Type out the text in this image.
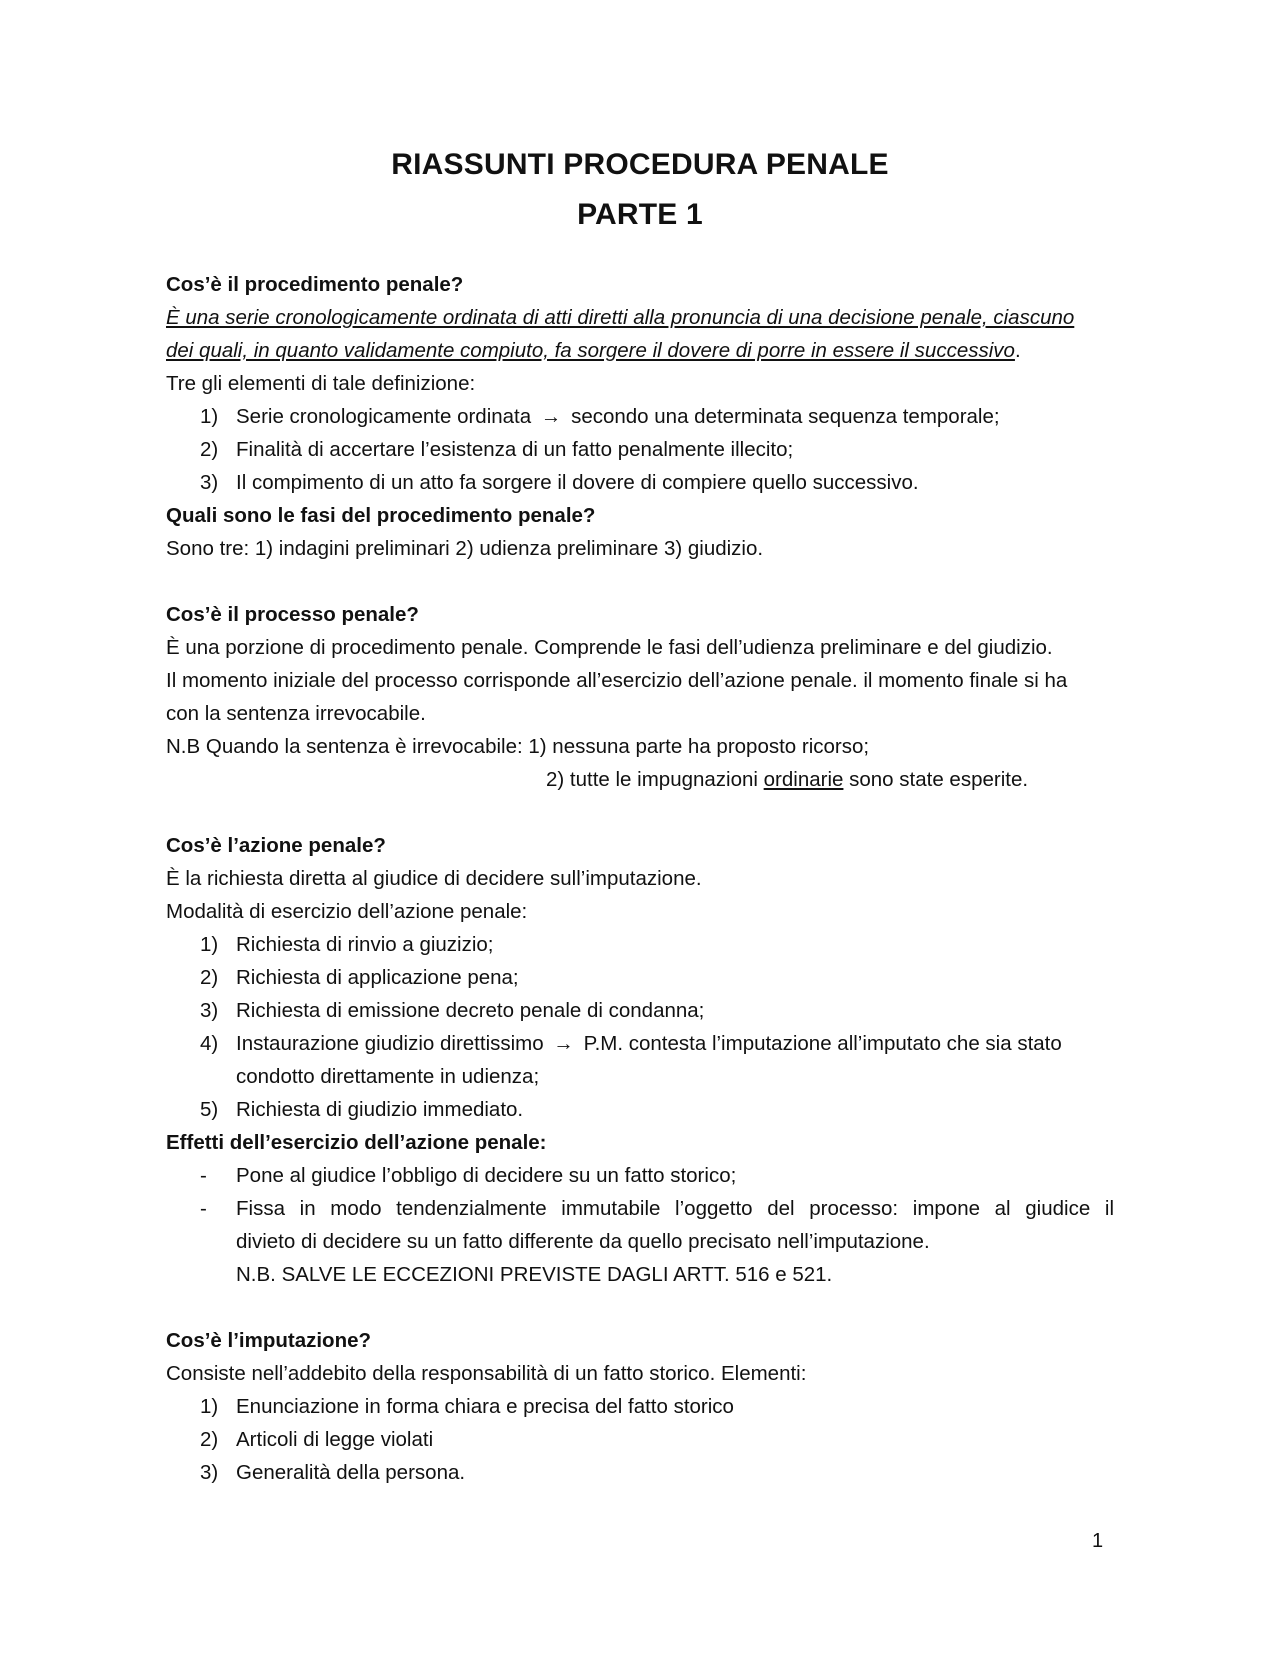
RIASSUNTI PROCEDURA PENALE
PARTE 1
Cos’è il procedimento penale?
È una serie cronologicamente ordinata di atti diretti alla pronuncia di una decisione penale, ciascuno
dei quali, in quanto validamente compiuto, fa sorgere il dovere di porre in essere il successivo.
Tre gli elementi di tale definizione:
1) Serie cronologicamente ordinata → secondo una determinata sequenza temporale;
2) Finalità di accertare l’esistenza di un fatto penalmente illecito;
3) Il compimento di un atto fa sorgere il dovere di compiere quello successivo.
Quali sono le fasi del procedimento penale?
Sono tre: 1) indagini preliminari 2) udienza preliminare 3) giudizio.
Cos’è il processo penale?
È una porzione di procedimento penale. Comprende le fasi dell’udienza preliminare e del giudizio.
Il momento iniziale del processo corrisponde all’esercizio dell’azione penale. il momento finale si ha
con la sentenza irrevocabile.
N.B Quando la sentenza è irrevocabile: 1) nessuna parte ha proposto ricorso;
2) tutte le impugnazioni ordinarie sono state esperite.
Cos’è l’azione penale?
È la richiesta diretta al giudice di decidere sull’imputazione.
Modalità di esercizio dell’azione penale:
1) Richiesta di rinvio a giuzizio;
2) Richiesta di applicazione pena;
3) Richiesta di emissione decreto penale di condanna;
4) Instaurazione giudizio direttissimo → P.M. contesta l’imputazione all’imputato che sia stato
condotto direttamente in udienza;
5) Richiesta di giudizio immediato.
Effetti dell’esercizio dell’azione penale:
-	Pone al giudice l’obbligo di decidere su un fatto storico;
-	Fissa in modo tendenzialmente immutabile l’oggetto del processo: impone al giudice il
divieto di decidere su un fatto differente da quello precisato nell’imputazione.
N.B. SALVE LE ECCEZIONI PREVISTE DAGLI ARTT. 516 e 521.
Cos’è l’imputazione?
Consiste nell’addebito della responsabilità di un fatto storico. Elementi:
1) Enunciazione in forma chiara e precisa del fatto storico
2) Articoli di legge violati
3) Generalità della persona.
1
